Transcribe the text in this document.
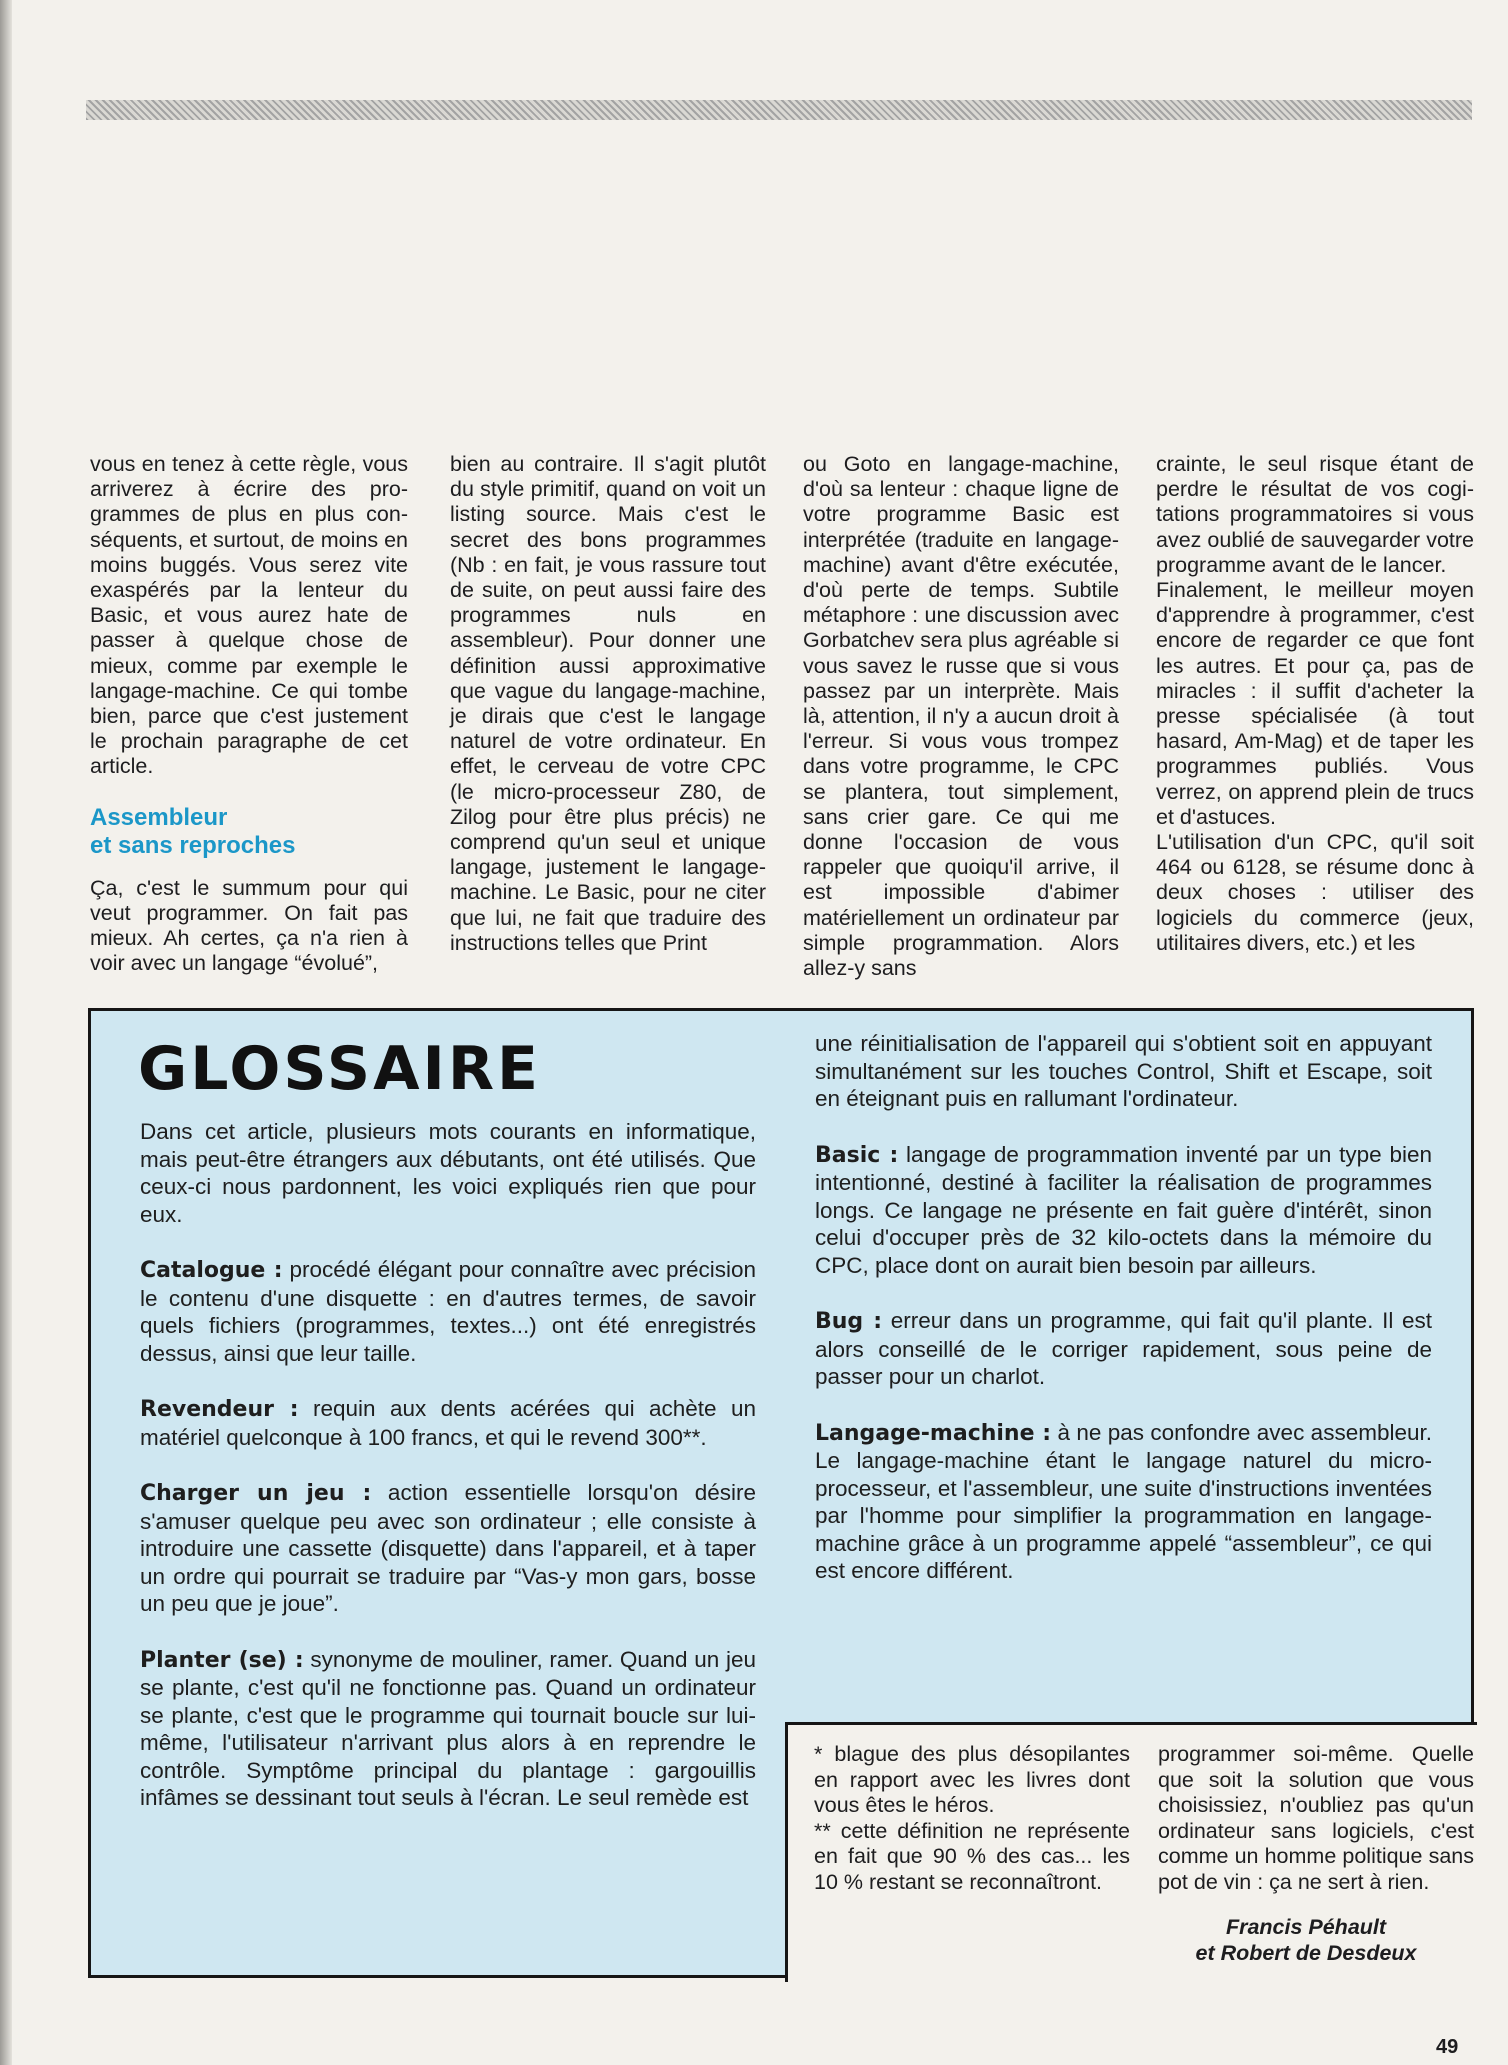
vous en tenez à cette règle, vous arriverez à écrire des programmes de plus en plus conséquents, et surtout, de moins en moins buggés. Vous serez vite exaspérés par la lenteur du Basic, et vous aurez hate de passer à quelque chose de mieux, comme par exemple le langage-machine. Ce qui tombe bien, parce que c'est justement le prochain paragraphe de cet article.

Assembleur
et sans reproches

Ça, c'est le summum pour qui veut programmer. On fait pas mieux. Ah certes, ça n'a rien à voir avec un langage “évolué”,

bien au contraire. Il s'agit plutôt du style primitif, quand on voit un listing source. Mais c'est le secret des bons programmes (Nb : en fait, je vous rassure tout de suite, on peut aussi faire des programmes nuls en assembleur). Pour donner une définition aussi approximative que vague du langage-machine, je dirais que c'est le langage naturel de votre ordinateur. En effet, le cerveau de votre CPC (le micro-processeur Z80, de Zilog pour être plus précis) ne comprend qu'un seul et unique langage, justement le langage-machine. Le Basic, pour ne citer que lui, ne fait que traduire des instructions telles que Print

ou Goto en langage-machine, d'où sa lenteur : chaque ligne de votre programme Basic est interprétée (traduite en langage-machine) avant d'être exécutée, d'où perte de temps. Subtile métaphore : une discussion avec Gorbatchev sera plus agréable si vous savez le russe que si vous passez par un interprète. Mais là, attention, il n'y a aucun droit à l'erreur. Si vous vous trompez dans votre programme, le CPC se plantera, tout simplement, sans crier gare. Ce qui me donne l'occasion de vous rappeler que quoiqu'il arrive, il est impossible d'abimer matériellement un ordinateur par simple programmation. Alors allez-y sans

crainte, le seul risque étant de perdre le résultat de vos cogitations programmatoires si vous avez oublié de sauvegarder votre programme avant de le lancer.

Finalement, le meilleur moyen d'apprendre à programmer, c'est encore de regarder ce que font les autres. Et pour ça, pas de miracles : il suffit d'acheter la presse spécialisée (à tout hasard, Am-Mag) et de taper les programmes publiés. Vous verrez, on apprend plein de trucs et d'astuces.

L'utilisation d'un CPC, qu'il soit 464 ou 6128, se résume donc à deux choses : utiliser des logiciels du commerce (jeux, utilitaires divers, etc.) et les

GLOSSAIRE

Dans cet article, plusieurs mots courants en informatique, mais peut-être étrangers aux débutants, ont été utilisés. Que ceux-ci nous pardonnent, les voici expliqués rien que pour eux.

Catalogue : procédé élégant pour connaître avec précision le contenu d'une disquette : en d'autres termes, de savoir quels fichiers (programmes, textes...) ont été enregistrés dessus, ainsi que leur taille.

Revendeur : requin aux dents acérées qui achète un matériel quelconque à 100 francs, et qui le revend 300**.

Charger un jeu : action essentielle lorsqu'on désire s'amuser quelque peu avec son ordinateur ; elle consiste à introduire une cassette (disquette) dans l'appareil, et à taper un ordre qui pourrait se traduire par “Vas-y mon gars, bosse un peu que je joue”.

Planter (se) : synonyme de mouliner, ramer. Quand un jeu se plante, c'est qu'il ne fonctionne pas. Quand un ordinateur se plante, c'est que le programme qui tournait boucle sur lui-même, l'utilisateur n'arrivant plus alors à en reprendre le contrôle. Symptôme principal du plantage : gargouillis infâmes se dessinant tout seuls à l'écran. Le seul remède est

une réinitialisation de l'appareil qui s'obtient soit en appuyant simultanément sur les touches Control, Shift et Escape, soit en éteignant puis en rallumant l'ordinateur.

Basic : langage de programmation inventé par un type bien intentionné, destiné à faciliter la réalisation de programmes longs. Ce langage ne présente en fait guère d'intérêt, sinon celui d'occuper près de 32 kilo-octets dans la mémoire du CPC, place dont on aurait bien besoin par ailleurs.

Bug : erreur dans un programme, qui fait qu'il plante. Il est alors conseillé de le corriger rapidement, sous peine de passer pour un charlot.

Langage-machine : à ne pas confondre avec assembleur. Le langage-machine étant le langage naturel du micro-processeur, et l'assembleur, une suite d'instructions inventées par l'homme pour simplifier la programmation en langage-machine grâce à un programme appelé “assembleur”, ce qui est encore différent.

* blague des plus désopilantes en rapport avec les livres dont vous êtes le héros.

** cette définition ne représente en fait que 90 % des cas... les 10 % restant se reconnaîtront.

programmer soi-même. Quelle que soit la solution que vous choisissiez, n'oubliez pas qu'un ordinateur sans logiciels, c'est comme un homme politique sans pot de vin : ça ne sert à rien.

Francis Péhault
et Robert de Desdeux
49
